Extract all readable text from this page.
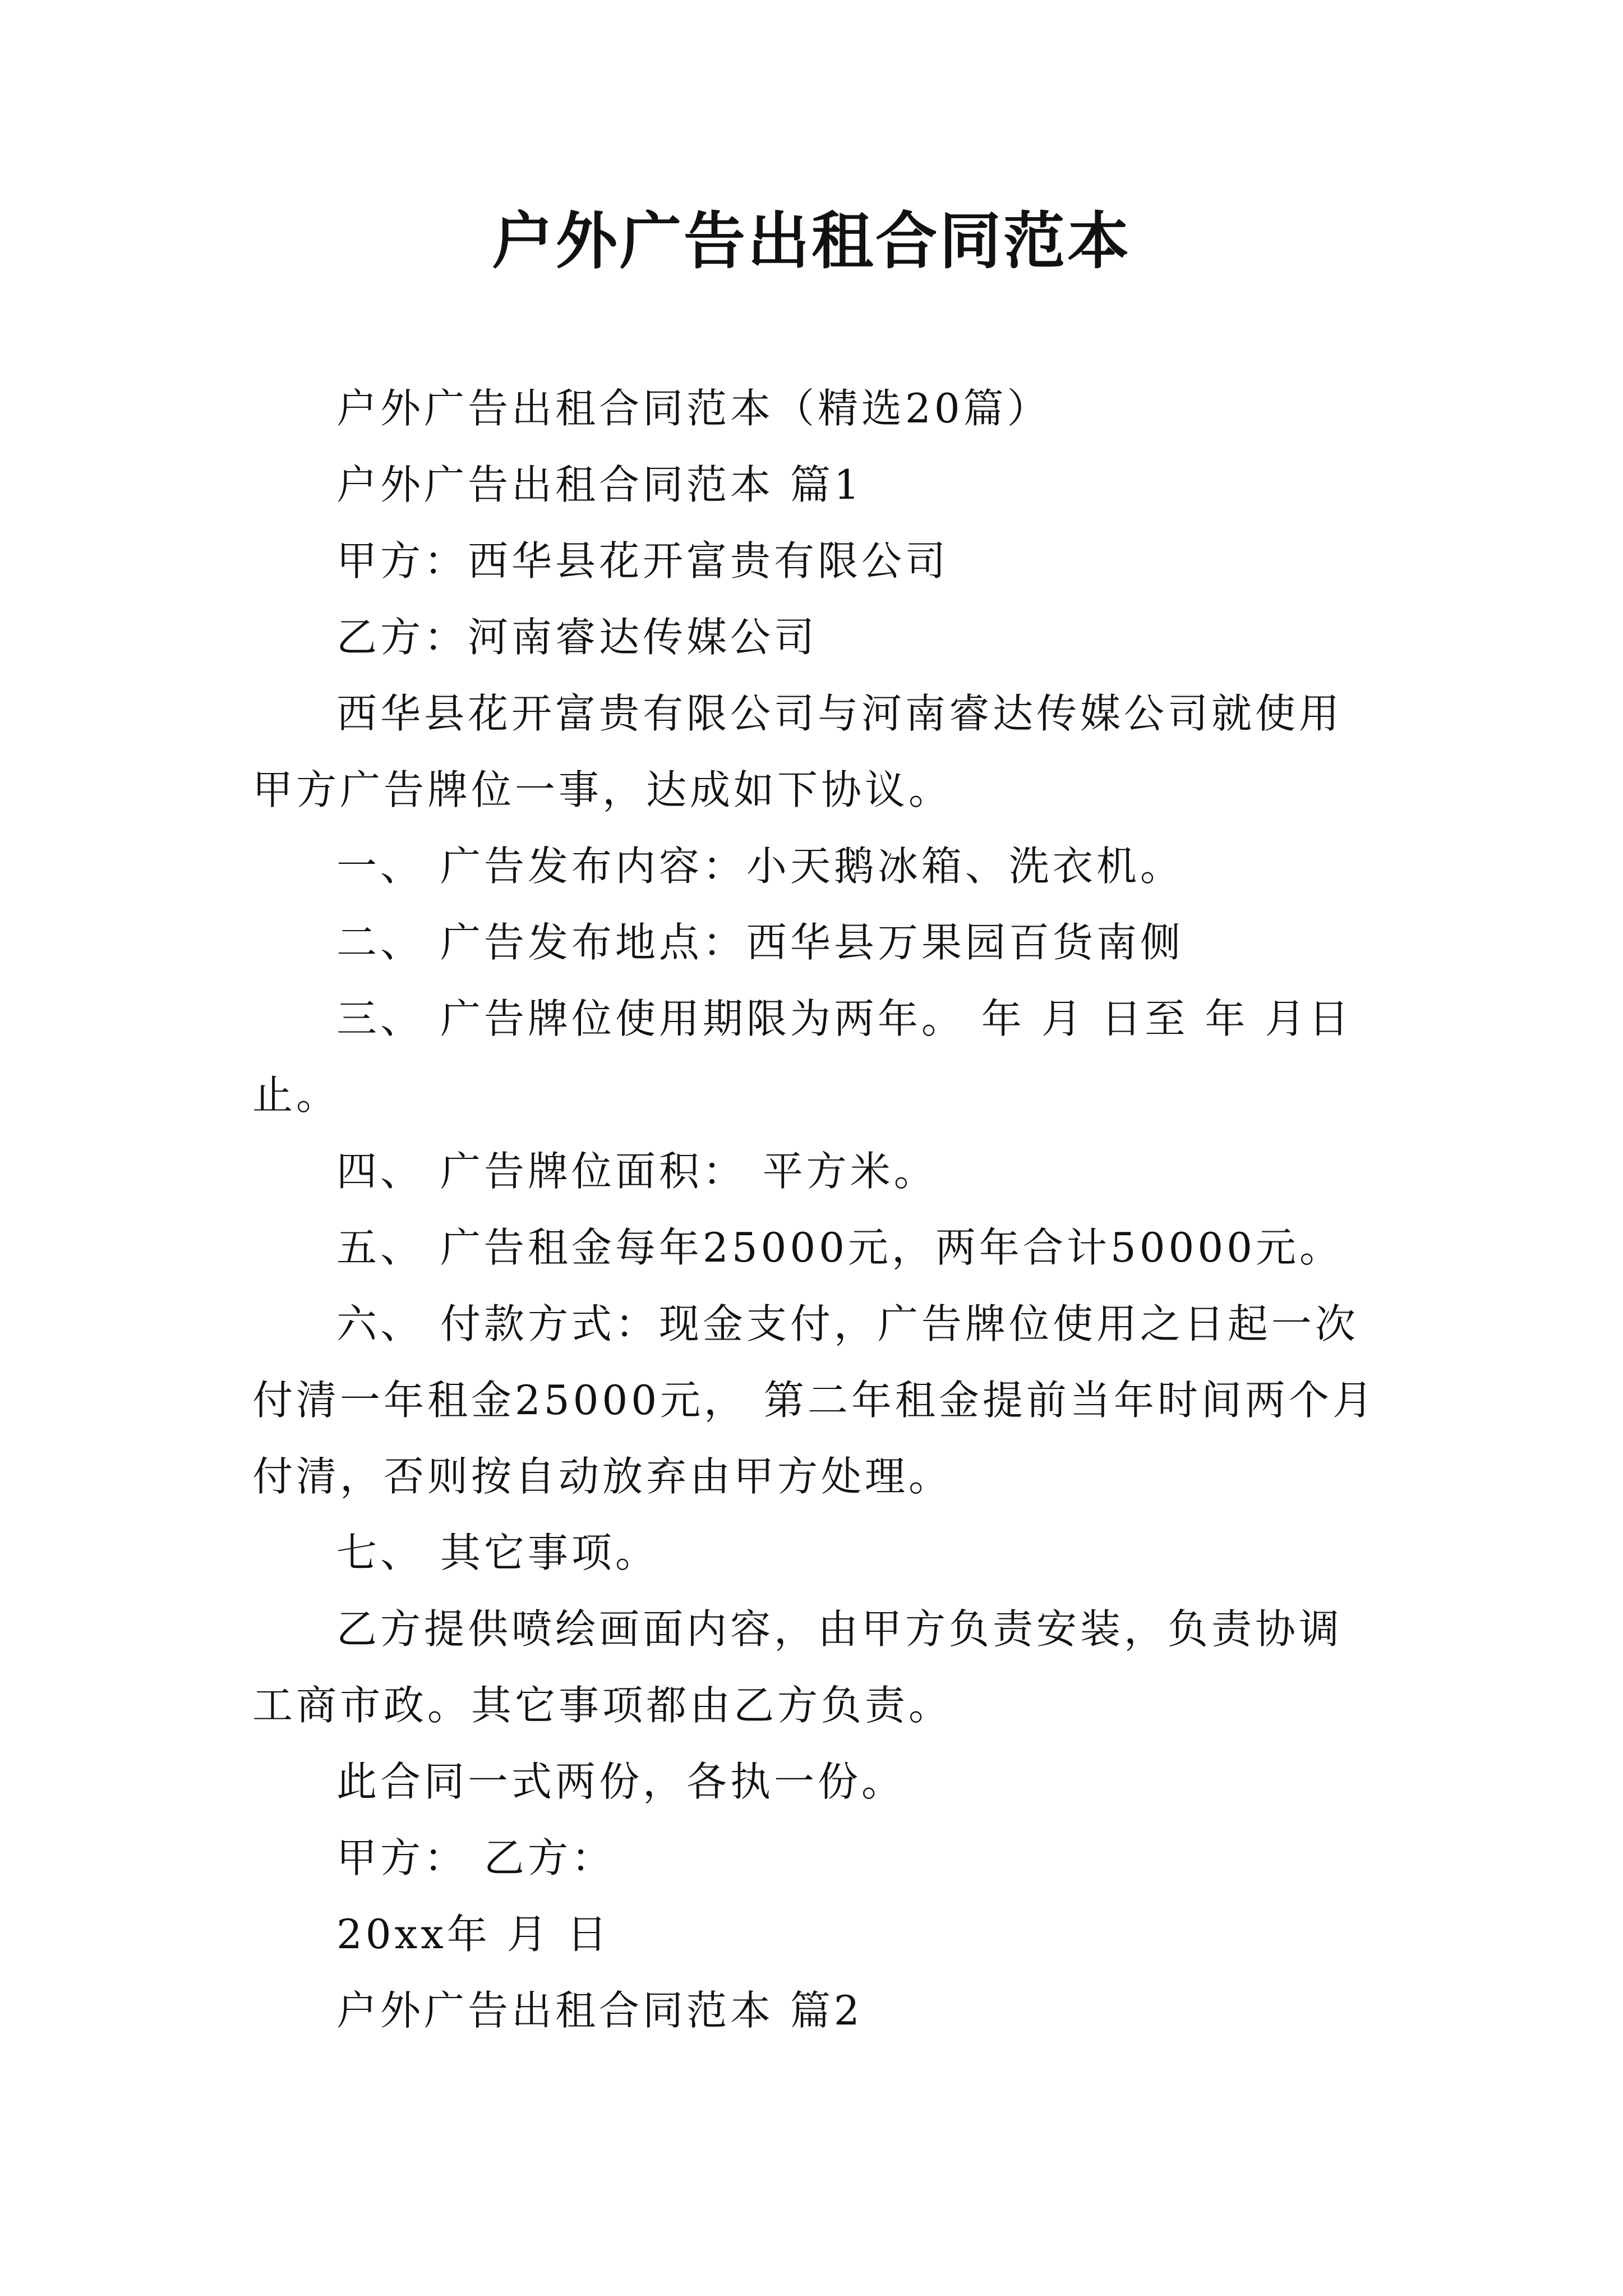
户外广告出租合同范本

户外广告出租合同范本（精选20篇）

户外广告出租合同范本 篇1

甲方：西华县花开富贵有限公司

乙方：河南睿达传媒公司

西华县花开富贵有限公司与河南睿达传媒公司就使用甲方广告牌位一事，达成如下协议。

一、 广告发布内容：小天鹅冰箱、洗衣机。

二、 广告发布地点：西华县万果园百货南侧

三、 广告牌位使用期限为两年。 年 月 日至 年 月日止。

四、 广告牌位面积： 平方米。

五、 广告租金每年25000元，两年合计50000元。

六、 付款方式：现金支付，广告牌位使用之日起一次付清一年租金25000元， 第二年租金提前当年时间两个月付清，否则按自动放弃由甲方处理。

七、 其它事项。

乙方提供喷绘画面内容，由甲方负责安装，负责协调工商市政。其它事项都由乙方负责。

此合同一式两份，各执一份。

甲方： 乙方：

20xx年 月 日

户外广告出租合同范本 篇2
